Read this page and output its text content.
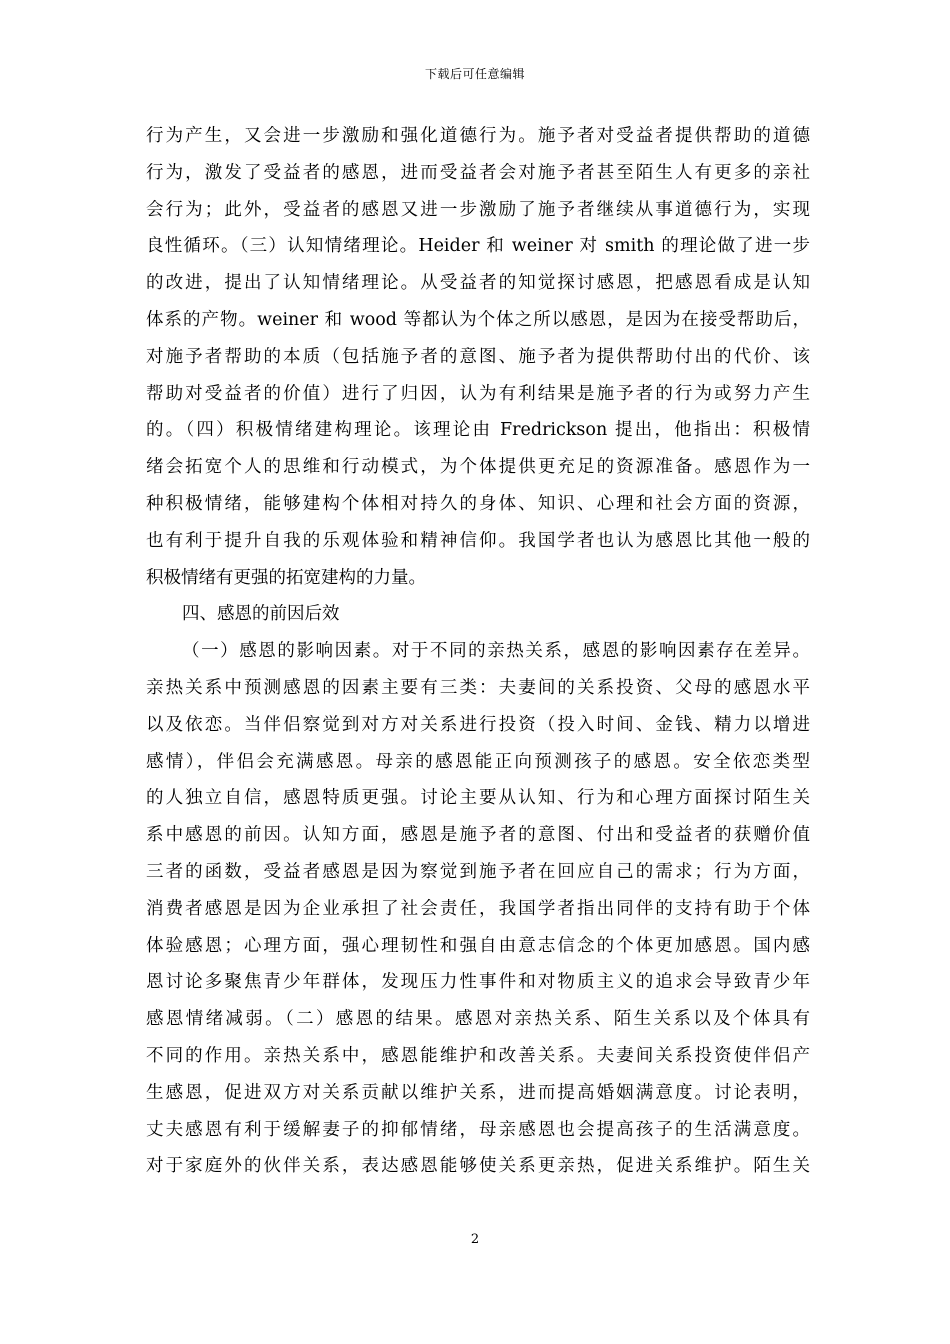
下载后可任意编辑
行为产生，又会进一步激励和强化道德行为。施予者对受益者提供帮助的道德
行为，激发了受益者的感恩，进而受益者会对施予者甚至陌生人有更多的亲社
会行为；此外，受益者的感恩又进一步激励了施予者继续从事道德行为，实现
良性循环。（三）认知情绪理论。Heider 和 weiner 对 smith 的理论做了进一步
的改进，提出了认知情绪理论。从受益者的知觉探讨感恩，把感恩看成是认知
体系的产物。weiner 和 wood 等都认为个体之所以感恩，是因为在接受帮助后，
对施予者帮助的本质（包括施予者的意图、施予者为提供帮助付出的代价、该
帮助对受益者的价值）进行了归因，认为有利结果是施予者的行为或努力产生
的。（四）积极情绪建构理论。该理论由 Fredrickson 提出，他指出：积极情
绪会拓宽个人的思维和行动模式，为个体提供更充足的资源准备。感恩作为一
种积极情绪，能够建构个体相对持久的身体、知识、心理和社会方面的资源，
也有利于提升自我的乐观体验和精神信仰。我国学者也认为感恩比其他一般的
积极情绪有更强的拓宽建构的力量。
四、感恩的前因后效
（一）感恩的影响因素。对于不同的亲热关系，感恩的影响因素存在差异。
亲热关系中预测感恩的因素主要有三类：夫妻间的关系投资、父母的感恩水平
以及依恋。当伴侣察觉到对方对关系进行投资（投入时间、金钱、精力以增进
感情），伴侣会充满感恩。母亲的感恩能正向预测孩子的感恩。安全依恋类型
的人独立自信，感恩特质更强。讨论主要从认知、行为和心理方面探讨陌生关
系中感恩的前因。认知方面，感恩是施予者的意图、付出和受益者的获赠价值
三者的函数，受益者感恩是因为察觉到施予者在回应自己的需求；行为方面，
消费者感恩是因为企业承担了社会责任，我国学者指出同伴的支持有助于个体
体验感恩；心理方面，强心理韧性和强自由意志信念的个体更加感恩。国内感
恩讨论多聚焦青少年群体，发现压力性事件和对物质主义的追求会导致青少年
感恩情绪减弱。（二）感恩的结果。感恩对亲热关系、陌生关系以及个体具有
不同的作用。亲热关系中，感恩能维护和改善关系。夫妻间关系投资使伴侣产
生感恩，促进双方对关系贡献以维护关系，进而提高婚姻满意度。讨论表明，
丈夫感恩有利于缓解妻子的抑郁情绪，母亲感恩也会提高孩子的生活满意度。
对于家庭外的伙伴关系，表达感恩能够使关系更亲热，促进关系维护。陌生关
2
